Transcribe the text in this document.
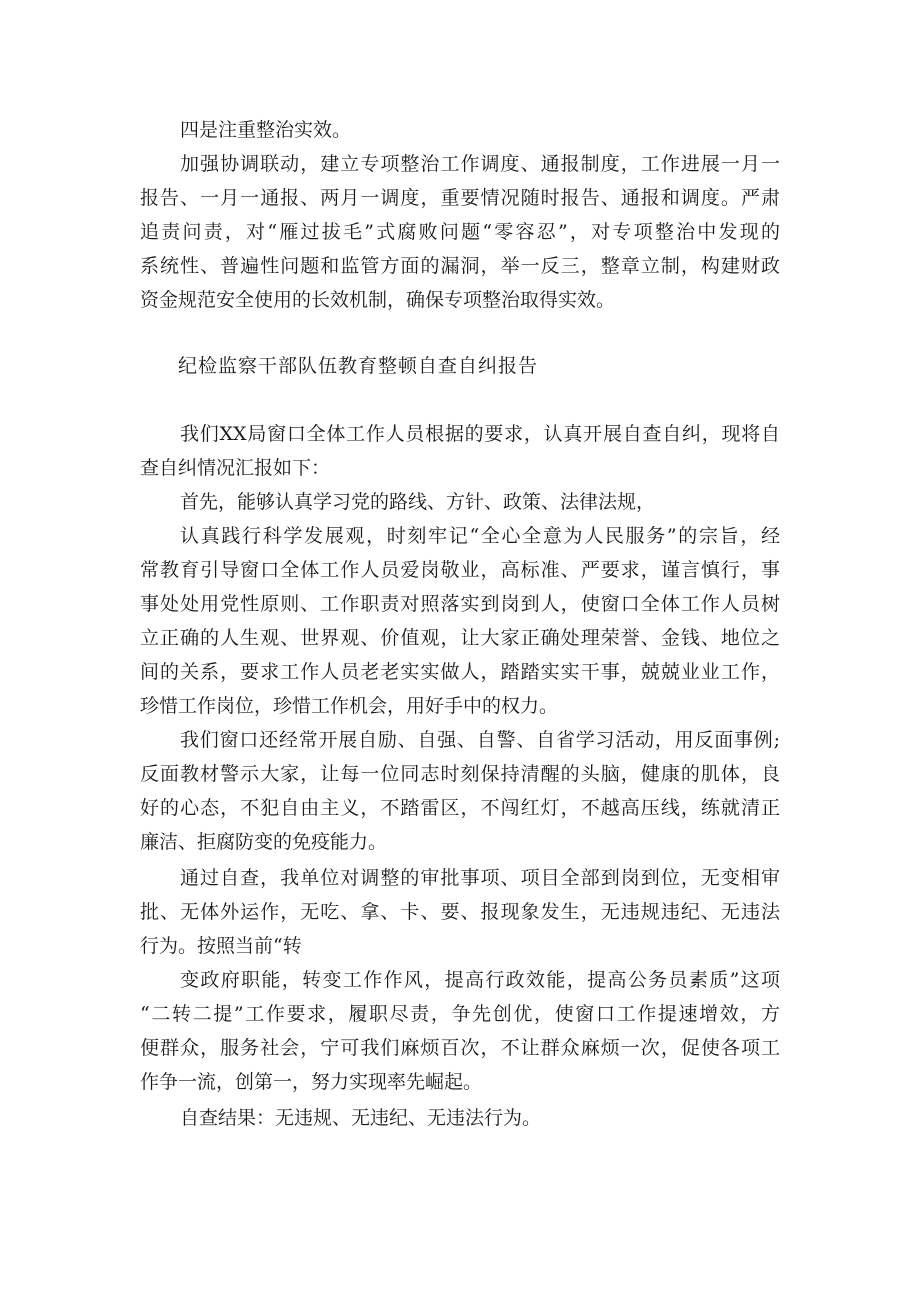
四是注重整治实效。
加强协调联动，建立专项整治工作调度、通报制度，工作进展一月一
报告、一月一通报、两月一调度，重要情况随时报告、通报和调度。严肃
追责问责，对“雁过拔毛”式腐败问题“零容忍”，对专项整治中发现的
系统性、普遍性问题和监管方面的漏洞，举一反三，整章立制，构建财政
资金规范安全使用的长效机制，确保专项整治取得实效。
纪检监察干部队伍教育整顿自查自纠报告
我们XX局窗口全体工作人员根据的要求，认真开展自查自纠，现将自
查自纠情况汇报如下：
首先，能够认真学习党的路线、方针、政策、法律法规，
认真践行科学发展观，时刻牢记“全心全意为人民服务”的宗旨，经
常教育引导窗口全体工作人员爱岗敬业，高标准、严要求，谨言慎行，事
事处处用党性原则、工作职责对照落实到岗到人，使窗口全体工作人员树
立正确的人生观、世界观、价值观，让大家正确处理荣誉、金钱、地位之
间的关系，要求工作人员老老实实做人，踏踏实实干事，兢兢业业工作，
珍惜工作岗位，珍惜工作机会，用好手中的权力。
我们窗口还经常开展自励、自强、自警、自省学习活动，用反面事例;
反面教材警示大家，让每一位同志时刻保持清醒的头脑，健康的肌体，良
好的心态，不犯自由主义，不踏雷区，不闯红灯，不越高压线，练就清正
廉洁、拒腐防变的免疫能力。
通过自查，我单位对调整的审批事项、项目全部到岗到位，无变相审
批、无体外运作，无吃、拿、卡、要、报现象发生，无违规违纪、无违法
行为。按照当前“转
变政府职能，转变工作作风，提高行政效能，提高公务员素质”这项
“二转二提”工作要求，履职尽责，争先创优，使窗口工作提速增效，方
便群众，服务社会，宁可我们麻烦百次，不让群众麻烦一次，促使各项工
作争一流，创第一，努力实现率先崛起。
自查结果：无违规、无违纪、无违法行为。
